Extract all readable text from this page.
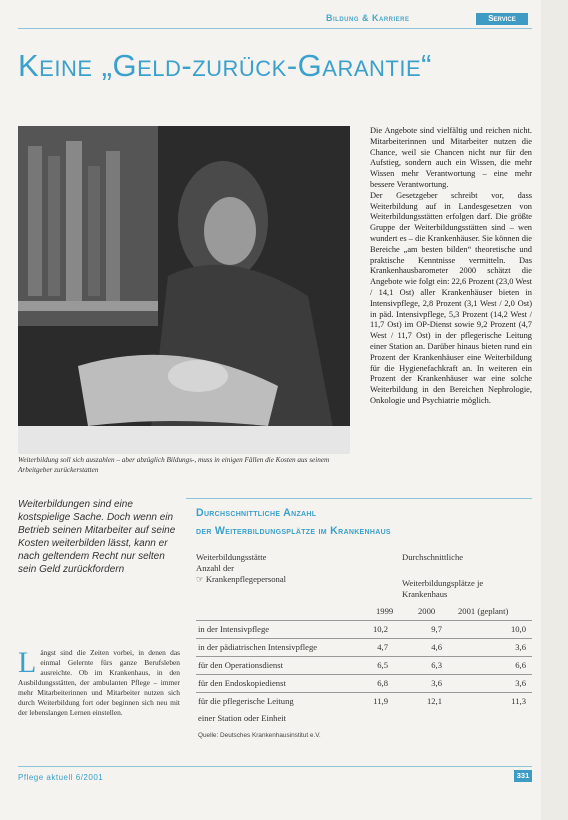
Bildung & Karriere	Service
Keine „Geld-zurück-Garantie“
Weiterbildung soll sich auszahlen – aber abzüglich Bildungs-, muss in einigen Fällen die Kosten aus seinem Arbeitgeber zurückerstatten

Die Angebote sind vielfältig und reichen nicht. Mitarbeiterinnen und Mitarbeiter nutzen die Chance, weil sie Chancen nicht nur für den Aufstieg, sondern auch ein Wissen, die mehr Wissen mehr Verantwortung – eine mehr bessere Verantwortung.

Der Gesetzgeber schreibt vor, dass Weiterbildung auf in Landesgesetzen von Weiterbildungsstätten erfolgen darf. Die größte Gruppe der Weiterbildungsstätten sind – wen wundert es – die Krankenhäuser. Sie können die Bereiche „am besten bilden“ theoretische und praktische Kenntnisse vermitteln. Das Krankenhausbarometer 2000 schätzt die Angebote wie folgt ein: 22,6 Prozent (23,0 West / 14,1 Ost) aller Krankenhäuser bieten in Intensivpflege, 2,8 Prozent (3,1 West / 2,0 Ost) in päd. Intensivpflege, 5,3 Prozent (14,2 West / 11,7 Ost) im OP-Dienst sowie 9,2 Prozent (4,7 West / 11,7 Ost) in der pflegerische Leitung einer Station an. Darüber hinaus bieten rund ein Prozent der Krankenhäuser eine Weiterbildung für die Hygienefachkraft an. In weiteren ein Prozent der Krankenhäuser war eine solche Weiterbildung in den Bereichen Nephrologie, Onkologie und Psychiatrie möglich.

Weiterbildungen sind eine kostspielige Sache. Doch wenn ein Betrieb seinen Mitarbeiter auf seine Kosten weiterbilden lässt, kann er nach geltendem Recht nur selten sein Geld zurückfordern
Längst sind die Zeiten vorbei, in denen das einmal Gelernte fürs ganze Berufsleben ausreichte. Ob im Krankenhaus, in den Ausbildungsstätten, der ambulanten Pflege – immer mehr Mitarbeiterinnen und Mitarbeiter nutzen sich durch Weiterbildung fort oder beginnen sich neu mit der lebenslangen Lernen einstellen.
Durchschnittliche Anzahl
der Weiterbildungsplätze im Krankenhaus
Weiterbildungsstätte
Anzahl der
☞ Krankenpflegepersonal
Durchschnittliche
Weiterbildungsplätze je
Krankenhaus
1999	2000	2001 (geplant)
in der Intensivpflege	10,2	9,7	10,0
in der pädiatrischen Intensivpflege	4,7	4,6	3,6
für den Operationsdienst	6,5	6,3	6,6
für den Endoskopiedienst	6,8	3,6	3,6
für die pflegerische Leitung	11,9	12,1	11,3
einer Station oder Einheit
Quelle: Deutsches Krankenhausinstitut e.V.
Pflege aktuell 6/2001	331
